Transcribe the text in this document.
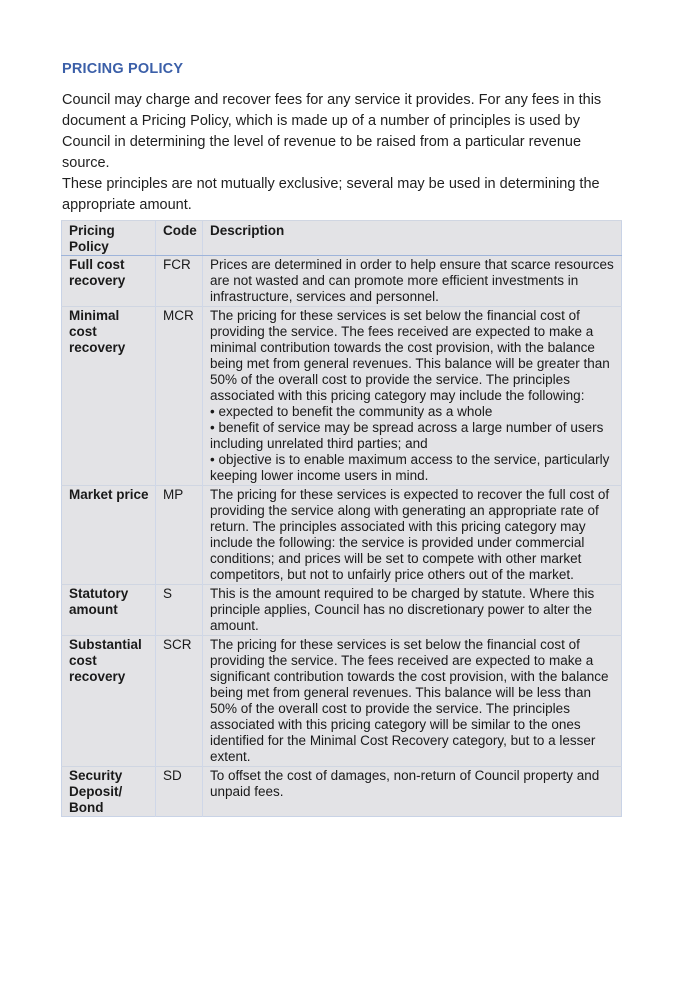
PRICING POLICY

Council may charge and recover fees for any service it provides. For any fees in this document a Pricing Policy, which is made up of a number of principles is used by Council in determining the level of revenue to be raised from a particular revenue source.

These principles are not mutually exclusive; several may be used in determining the appropriate amount.

Pricing Policy	Code	Description
Full cost recovery	FCR	Prices are determined in order to help ensure that scarce resources are not wasted and can promote more efficient investments in infrastructure, services and personnel.
Minimal cost recovery	MCR	The pricing for these services is set below the financial cost of providing the service. The fees received are expected to make a minimal contribution towards the cost provision, with the balance being met from general revenues. This balance will be greater than 50% of the overall cost to provide the service. The principles associated with this pricing category may include the following:
• expected to benefit the community as a whole
• benefit of service may be spread across a large number of users including unrelated third parties; and
• objective is to enable maximum access to the service, particularly keeping lower income users in mind.

Market price	MP	The pricing for these services is expected to recover the full cost of providing the service along with generating an appropriate rate of return. The principles associated with this pricing category may include the following: the service is provided under commercial conditions; and prices will be set to compete with other market competitors, but not to unfairly price others out of the market.
Statutory amount	S	This is the amount required to be charged by statute. Where this principle applies, Council has no discretionary power to alter the amount.
Substantial cost recovery	SCR	The pricing for these services is set below the financial cost of providing the service. The fees received are expected to make a significant contribution towards the cost provision, with the balance being met from general revenues. This balance will be less than 50% of the overall cost to provide the service. The principles associated with this pricing category will be similar to the ones identified for the Minimal Cost Recovery category, but to a lesser extent.
Security Deposit/ Bond	SD	To offset the cost of damages, non-return of Council property and unpaid fees.
